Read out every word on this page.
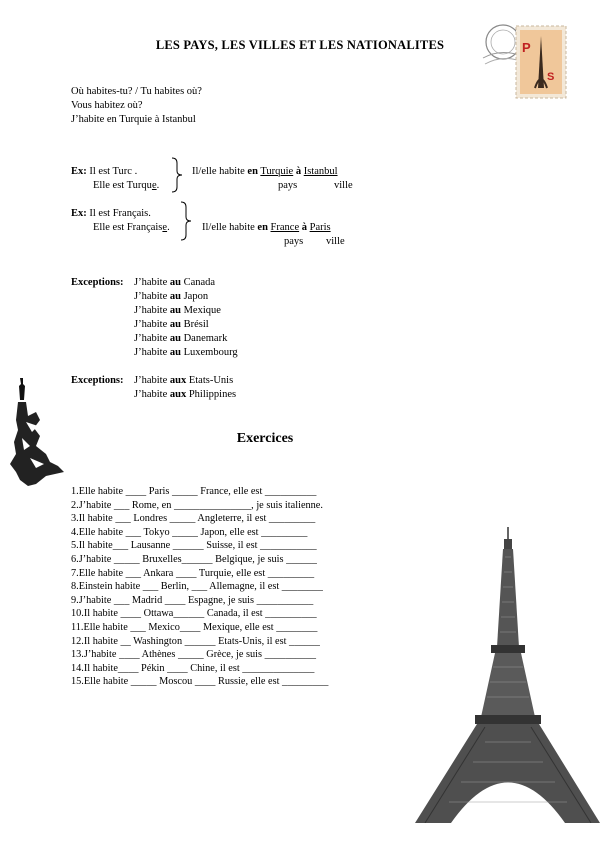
LES PAYS, LES VILLES ET LES NATIONALITES	P
S
Où habites-tu? / Tu habites où?
Vous habitez où?
J’habite en Turquie à Istanbul
Ex: Il est Turc .
Elle est Turque.
Il/elle habite en Turquie à Istanbul
pays	ville
Ex: Il est Français.
Elle est Française.	Il/elle habite en France à Paris
pays ville
Exceptions:	J’habite au Canada
J’habite au Japon
J’habite au Mexique
J’habite au Brésil
J’habite au Danemark
J’habite au Luxembourg
Exceptions:	J’habite aux Etats-Unis
J’habite aux Philippines
Exercices
1.Elle habite ____ Paris _____ France, elle est __________
2.J’habite ___ Rome, en _______________, je suis italienne.
3.Il habite ___ Londres _____ Angleterre, il est _________
4.Elle habite ___ Tokyo _____ Japon, elle est _________
5.Il habite___ Lausanne ______ Suisse, il est ___________
6.J’habite _____ Bruxelles______ Belgique, je suis ______
7.Elle habite ___ Ankara ____ Turquie, elle est _________
8.Einstein habite ___ Berlin, ___ Allemagne, il est ________
9.J’habite ___ Madrid ____ Espagne, je suis ___________
10.Il habite ____ Ottawa______ Canada, il est __________
11.Elle habite ___ Mexico____ Mexique, elle est ________
12.Il habite __ Washington ______ Etats-Unis, il est ______
13.J’habite ____ Athènes _____ Grèce, je suis __________
14.Il habite____ Pékin ____ Chine, il est ______________
15.Elle habite _____ Moscou ____ Russie, elle est _________
